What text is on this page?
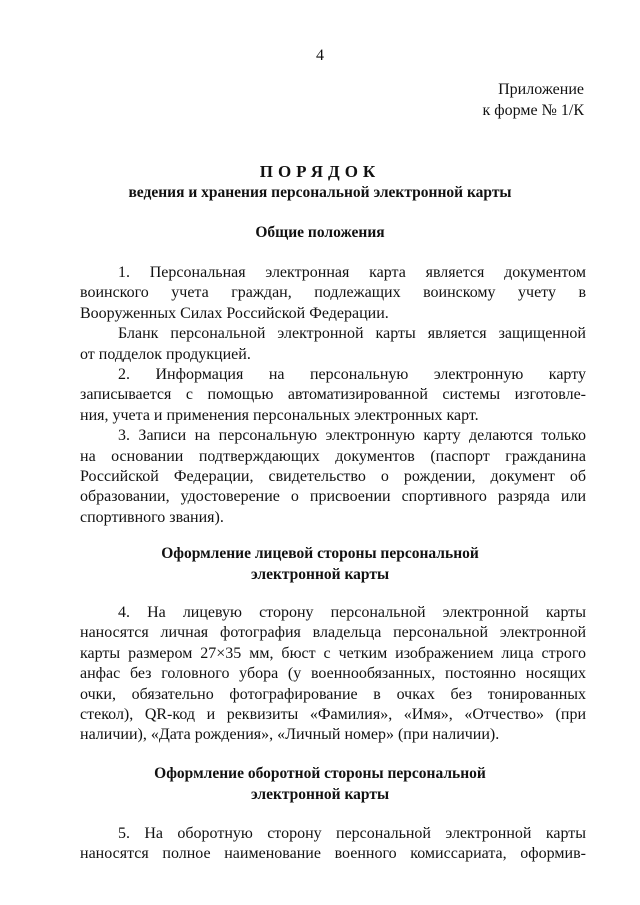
4
Приложение
к форме № 1/К
ПОРЯДОК
ведения и хранения персональной электронной карты
Общие положения
1. Персональная электронная карта является документом
воинского учета граждан, подлежащих воинскому учету в
Вооруженных Силах Российской Федерации.
Бланк персональной электронной карты является защищенной
от подделок продукцией.
2. Информация на персональную электронную карту
записывается с помощью автоматизированной системы изготовле-
ния, учета и применения персональных электронных карт.
3. Записи на персональную электронную карту делаются только
на основании подтверждающих документов (паспорт гражданина
Российской Федерации, свидетельство о рождении, документ об
образовании, удостоверение о присвоении спортивного разряда или
спортивного звания).
Оформление лицевой стороны персональной
электронной карты
4. На лицевую сторону персональной электронной карты
наносятся личная фотография владельца персональной электронной
карты размером 27×35 мм, бюст с четким изображением лица строго
анфас без головного убора (у военнообязанных, постоянно носящих
очки, обязательно фотографирование в очках без тонированных
стекол), QR-код и реквизиты «Фамилия», «Имя», «Отчество» (при
наличии), «Дата рождения», «Личный номер» (при наличии).
Оформление оборотной стороны персональной
электронной карты
5. На оборотную сторону персональной электронной карты
наносятся полное наименование военного комиссариата, оформив-
